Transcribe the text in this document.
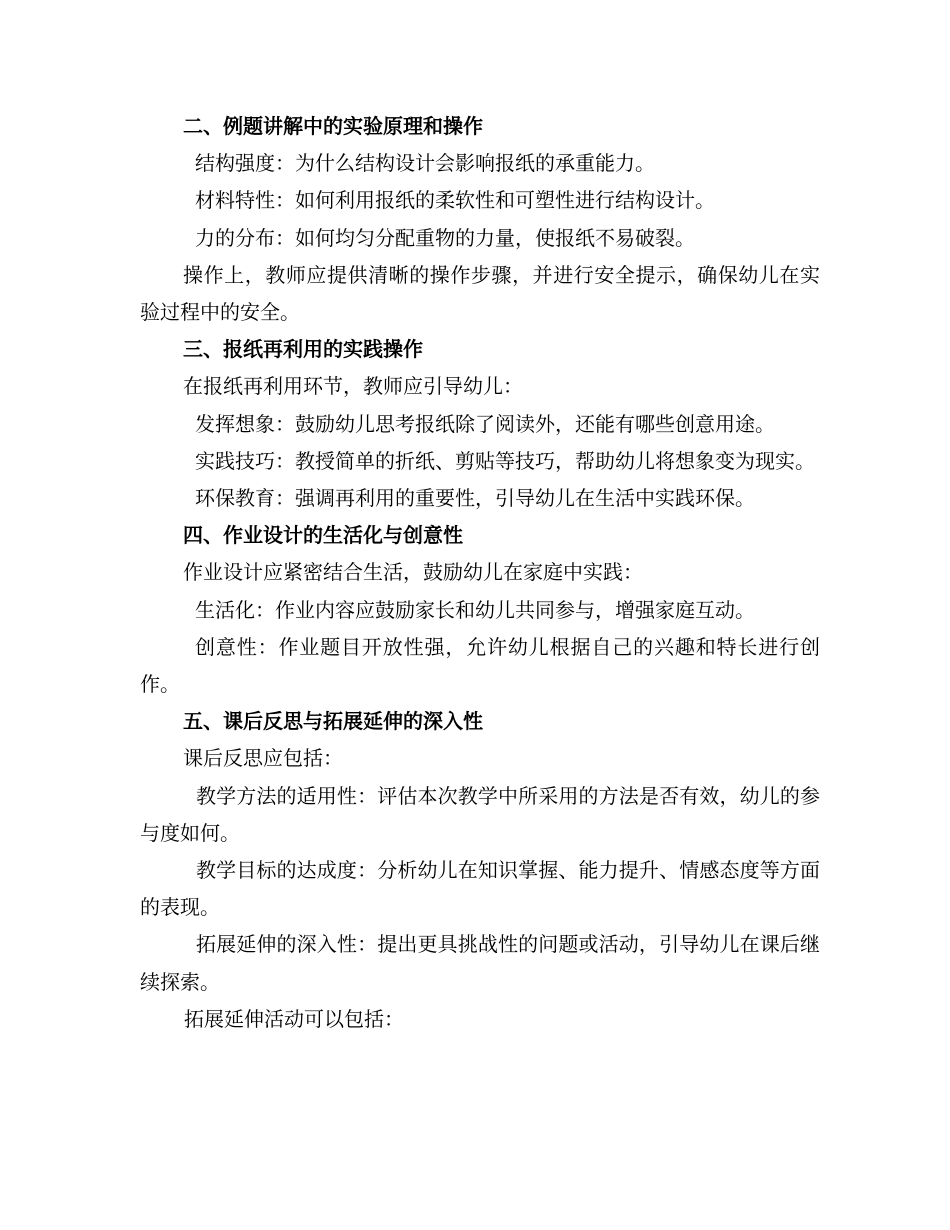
二、例题讲解中的实验原理和操作

结构强度：为什么结构设计会影响报纸的承重能力。

材料特性：如何利用报纸的柔软性和可塑性进行结构设计。

力的分布：如何均匀分配重物的力量，使报纸不易破裂。

操作上，教师应提供清晰的操作步骤，并进行安全提示，确保幼儿在实验过程中的安全。

三、报纸再利用的实践操作

在报纸再利用环节，教师应引导幼儿：

发挥想象：鼓励幼儿思考报纸除了阅读外，还能有哪些创意用途。

实践技巧：教授简单的折纸、剪贴等技巧，帮助幼儿将想象变为现实。

环保教育：强调再利用的重要性，引导幼儿在生活中实践环保。

四、作业设计的生活化与创意性

作业设计应紧密结合生活，鼓励幼儿在家庭中实践：

生活化：作业内容应鼓励家长和幼儿共同参与，增强家庭互动。

创意性：作业题目开放性强，允许幼儿根据自己的兴趣和特长进行创作。

五、课后反思与拓展延伸的深入性

课后反思应包括：

教学方法的适用性：评估本次教学中所采用的方法是否有效，幼儿的参与度如何。

教学目标的达成度：分析幼儿在知识掌握、能力提升、情感态度等方面的表现。

拓展延伸的深入性：提出更具挑战性的问题或活动，引导幼儿在课后继续探索。

拓展延伸活动可以包括：
